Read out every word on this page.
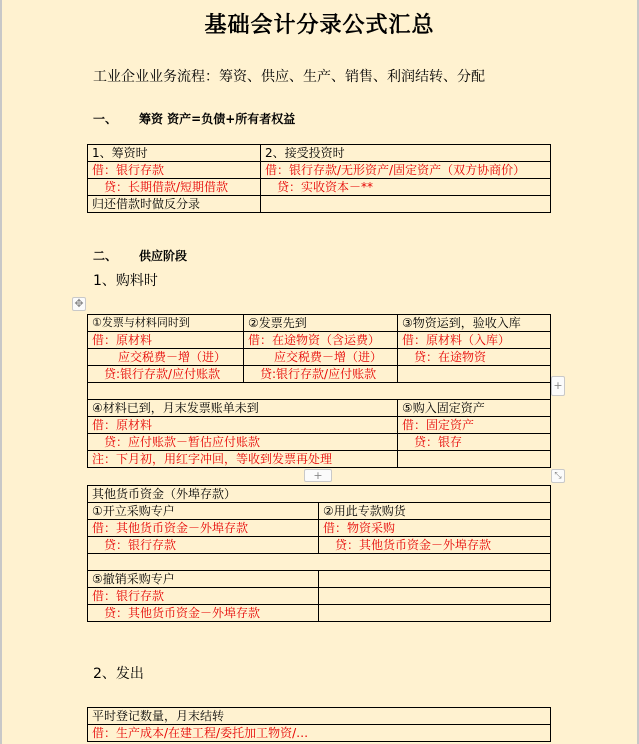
基础会计分录公式汇总
工业企业业务流程：筹资、供应、生产、销售、利润结转、分配
一、 筹资 资产=负债+所有者权益
1、筹资时	2、接受投资时
借：银行存款	借：银行存款/无形资产/固定资产（双方协商价）
贷：长期借款/短期借款	贷：实收资本－**
归还借款时做反分录	
二、 供应阶段
1、购料时
✥
①发票与材料同时到	②发票先到	③物资运到，验收入库
借：原材料	借：在途物资（含运费）	借：原材料（入库）
应交税费－增（进）	应交税费－增（进）	贷：在途物资
贷:银行存款/应付账款	贷:银行存款/应付账款	

④材料已到，月末发票账单未到		⑤购入固定资产
借：原材料		借：固定资产
贷：应付账款－暂估应付账款		贷：银存
注：下月初，用红字冲回，等收到发票再处理		
+
+	⤡
其他货币资金（外埠存款）	
①开立采购专户	②用此专款购货
借：其他货币资金－外埠存款	借：物资采购
贷：银行存款	贷：其他货币资金－外埠存款

⑤撤销采购专户	
借：银行存款	
贷：其他货币资金－外埠存款	
2、发出
平时登记数量，月末结转
借：生产成本/在建工程/委托加工物资/…
